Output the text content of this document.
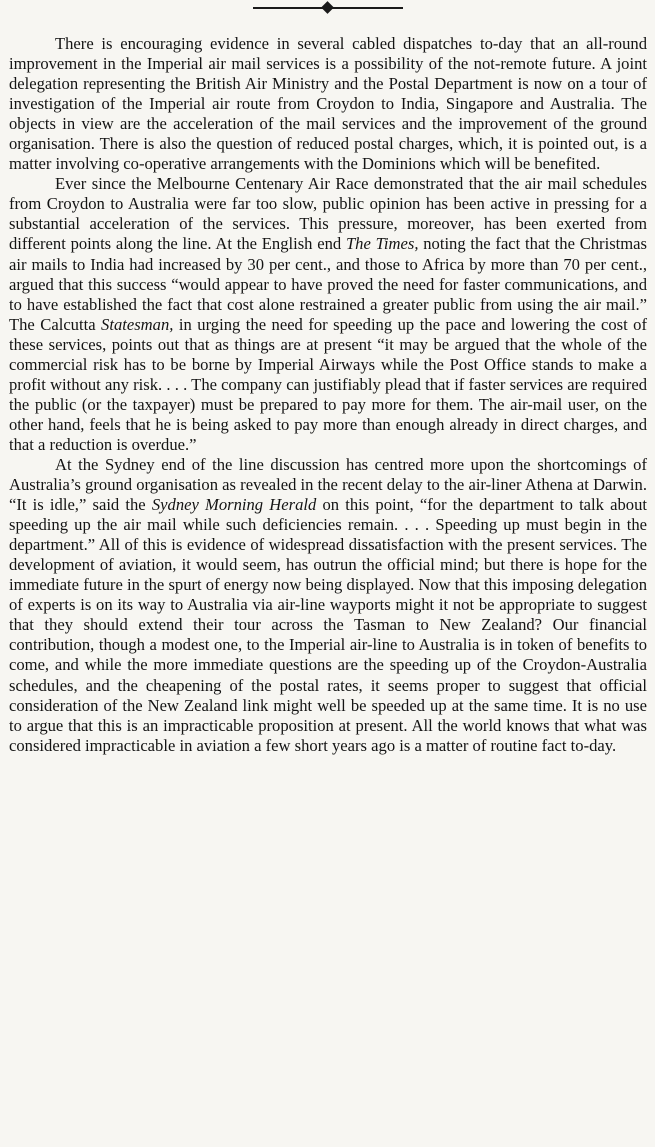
There is encouraging evidence in several cabled dispatches to-day that an all-round improvement in the Imperial air mail services is a possibility of the not-remote future. A joint delegation representing the British Air Ministry and the Postal Department is now on a tour of investigation of the Imperial air route from Croydon to India, Singapore and Australia. The objects in view are the acceleration of the mail services and the improvement of the ground organisation. There is also the question of reduced postal charges, which, it is pointed out, is a matter involving co-operative arrangements with the Dominions which will be benefited.

Ever since the Melbourne Centenary Air Race demonstrated that the air mail schedules from Croydon to Australia were far too slow, public opinion has been active in pressing for a substantial acceleration of the services. This pressure, moreover, has been exerted from different points along the line. At the English end The Times, noting the fact that the Christmas air mails to India had increased by 30 per cent., and those to Africa by more than 70 per cent., argued that this success “would appear to have proved the need for faster communications, and to have established the fact that cost alone restrained a greater public from using the air mail.” The Calcutta Statesman, in urging the need for speeding up the pace and lowering the cost of these services, points out that as things are at present “it may be argued that the whole of the commercial risk has to be borne by Imperial Airways while the Post Office stands to make a profit without any risk. . . . The company can justifiably plead that if faster services are required the public (or the taxpayer) must be prepared to pay more for them. The air-mail user, on the other hand, feels that he is being asked to pay more than enough already in direct charges, and that a reduction is overdue.”

At the Sydney end of the line discussion has centred more upon the shortcomings of Australia’s ground organisation as revealed in the recent delay to the air-liner Athena at Darwin. “It is idle,” said the Sydney Morning Herald on this point, “for the department to talk about speeding up the air mail while such deficiencies remain. . . . Speeding up must begin in the department.” All of this is evidence of widespread dissatisfaction with the present services. The development of aviation, it would seem, has outrun the official mind; but there is hope for the immediate future in the spurt of energy now being displayed. Now that this imposing delegation of experts is on its way to Australia via air-line wayports might it not be appropriate to suggest that they should extend their tour across the Tasman to New Zealand? Our financial contribution, though a modest one, to the Imperial air-line to Australia is in token of benefits to come, and while the more immediate questions are the speeding up of the Croydon-Australia schedules, and the cheapening of the postal rates, it seems proper to suggest that official consideration of the New Zealand link might well be speeded up at the same time. It is no use to argue that this is an impracticable proposition at present. All the world knows that what was considered impracticable in aviation a few short years ago is a matter of routine fact to-day.
